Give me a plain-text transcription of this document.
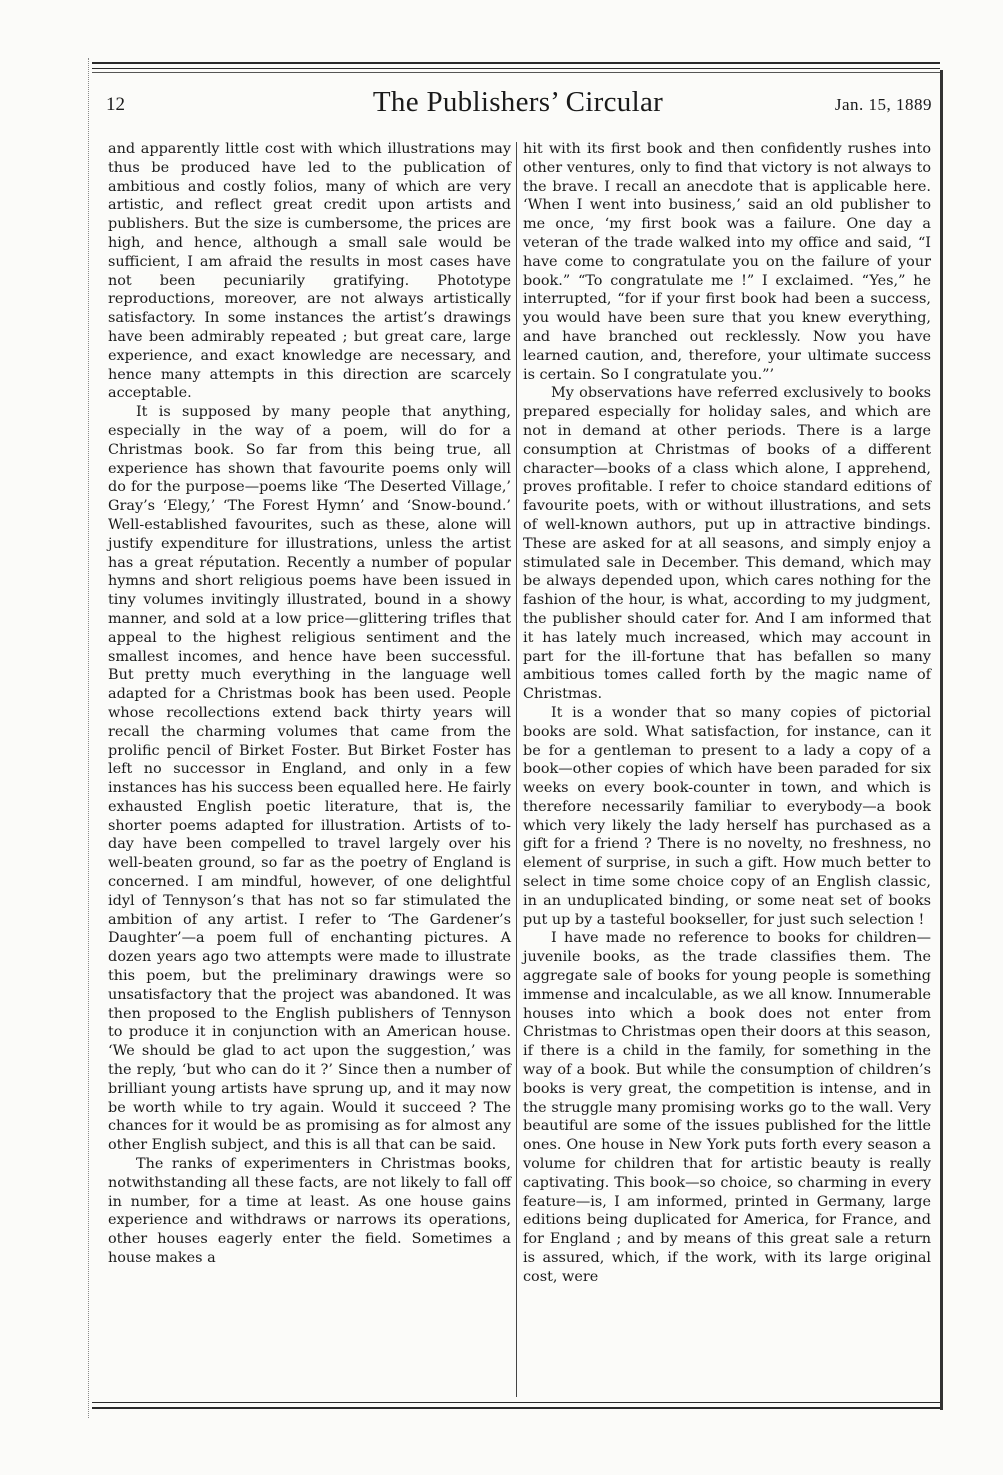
12	The Publishers’ Circular	Jan. 15, 1889

and apparently little cost with which illustrations may thus be produced have led to the publication of ambitious and costly folios, many of which are very artistic, and reflect great credit upon artists and publishers. But the size is cumbersome, the prices are high, and hence, although a small sale would be sufficient, I am afraid the results in most cases have not been pecuniarily gratifying. Phototype reproductions, moreover, are not always artistically satisfactory. In some instances the artist’s drawings have been admirably repeated ; but great care, large experience, and exact knowledge are necessary, and hence many attempts in this direction are scarcely acceptable.

It is supposed by many people that anything, especially in the way of a poem, will do for a Christmas book. So far from this being true, all experience has shown that favourite poems only will do for the purpose—poems like ‘The Deserted Village,’ Gray’s ‘Elegy,’ ‘The Forest Hymn’ and ‘Snow-bound.’ Well-established favourites, such as these, alone will justify expenditure for illustrations, unless the artist has a great réputation. Recently a number of popular hymns and short religious poems have been issued in tiny volumes invitingly illustrated, bound in a showy manner, and sold at a low price—glittering trifles that appeal to the highest religious sentiment and the smallest incomes, and hence have been successful. But pretty much everything in the language well adapted for a Christmas book has been used. People whose recollections extend back thirty years will recall the charming volumes that came from the prolific pencil of Birket Foster. But Birket Foster has left no successor in England, and only in a few instances has his success been equalled here. He fairly exhausted English poetic literature, that is, the shorter poems adapted for illustration. Artists of to-day have been compelled to travel largely over his well-beaten ground, so far as the poetry of England is concerned. I am mindful, however, of one delightful idyl of Tennyson’s that has not so far stimulated the ambition of any artist. I refer to ‘The Gardener’s Daughter’—a poem full of enchanting pictures. A dozen years ago two attempts were made to illustrate this poem, but the preliminary drawings were so unsatisfactory that the project was abandoned. It was then proposed to the English publishers of Tennyson to produce it in conjunction with an American house. ‘We should be glad to act upon the suggestion,’ was the reply, ‘but who can do it ?’ Since then a number of brilliant young artists have sprung up, and it may now be worth while to try again. Would it succeed ? The chances for it would be as promising as for almost any other English subject, and this is all that can be said.

The ranks of experimenters in Christmas books, notwithstanding all these facts, are not likely to fall off in number, for a time at least. As one house gains experience and withdraws or narrows its operations, other houses eagerly enter the field. Sometimes a house makes a

hit with its first book and then confidently rushes into other ventures, only to find that victory is not always to the brave. I recall an anecdote that is applicable here. ‘When I went into business,’ said an old publisher to me once, ‘my first book was a failure. One day a veteran of the trade walked into my office and said, “I have come to congratulate you on the failure of your book.” “To congratulate me !” I exclaimed. “Yes,” he interrupted, “for if your first book had been a success, you would have been sure that you knew everything, and have branched out recklessly. Now you have learned caution, and, therefore, your ultimate success is certain. So I congratulate you.”’

My observations have referred exclusively to books prepared especially for holiday sales, and which are not in demand at other periods. There is a large consumption at Christmas of books of a different character—books of a class which alone, I apprehend, proves profitable. I refer to choice standard editions of favourite poets, with or without illustrations, and sets of well-known authors, put up in attractive bindings. These are asked for at all seasons, and simply enjoy a stimulated sale in December. This demand, which may be always depended upon, which cares nothing for the fashion of the hour, is what, according to my judgment, the publisher should cater for. And I am informed that it has lately much increased, which may account in part for the ill-fortune that has befallen so many ambitious tomes called forth by the magic name of Christmas.

It is a wonder that so many copies of pictorial books are sold. What satisfaction, for instance, can it be for a gentleman to present to a lady a copy of a book—other copies of which have been paraded for six weeks on every book-counter in town, and which is therefore necessarily familiar to everybody—a book which very likely the lady herself has purchased as a gift for a friend ? There is no novelty, no freshness, no element of surprise, in such a gift. How much better to select in time some choice copy of an English classic, in an unduplicated binding, or some neat set of books put up by a tasteful bookseller, for just such selection !

I have made no reference to books for children—juvenile books, as the trade classifies them. The aggregate sale of books for young people is something immense and incalculable, as we all know. Innumerable houses into which a book does not enter from Christmas to Christmas open their doors at this season, if there is a child in the family, for something in the way of a book. But while the consumption of children’s books is very great, the competition is intense, and in the struggle many promising works go to the wall. Very beautiful are some of the issues published for the little ones. One house in New York puts forth every season a volume for children that for artistic beauty is really captivating. This book—so choice, so charming in every feature—is, I am informed, printed in Germany, large editions being duplicated for America, for France, and for England ; and by means of this great sale a return is assured, which, if the work, with its large original cost, were
